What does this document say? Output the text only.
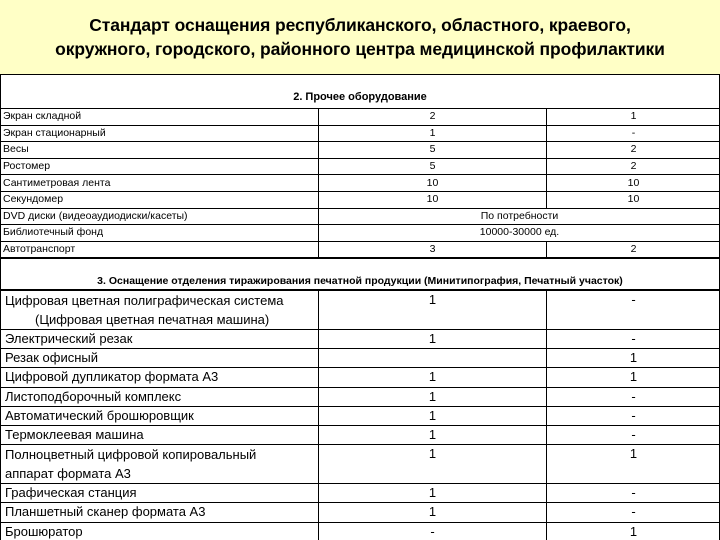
Стандарт оснащения республиканского, областного, краевого,
окружного, городского, районного центра медицинской профилактики
2. Прочее оборудование
Экран складной	2	1
Экран стационарный	1	-
Весы	5	2
Ростомер	5	2
Сантиметровая лента	10	10
Секундомер	10	10
DVD диски (видеоаудиодиски/касеты)	По потребности	
Библиотечный фонд	10000-30000 ед.	
Автотранспорт	3	2
3. Оснащение отделения тиражирования печатной продукции (Минитипография, Печатный участок)
Цифровая цветная полиграфическая система
(Цифровая цветная печатная машина)	1	-
Электрический резак	1	-
Резак офисный		1
Цифровой дупликатор формата А3	1	1
Листоподборочный комплекс	1	-
Автоматический брошюровщик	1	-
Термоклеевая машина	1	-

Полноцветный цифровой копировальный
аппарат формата А3	1	1
Графическая станция	1	-
Планшетный сканер формата А3	1	-
Брошюратор	-	1
